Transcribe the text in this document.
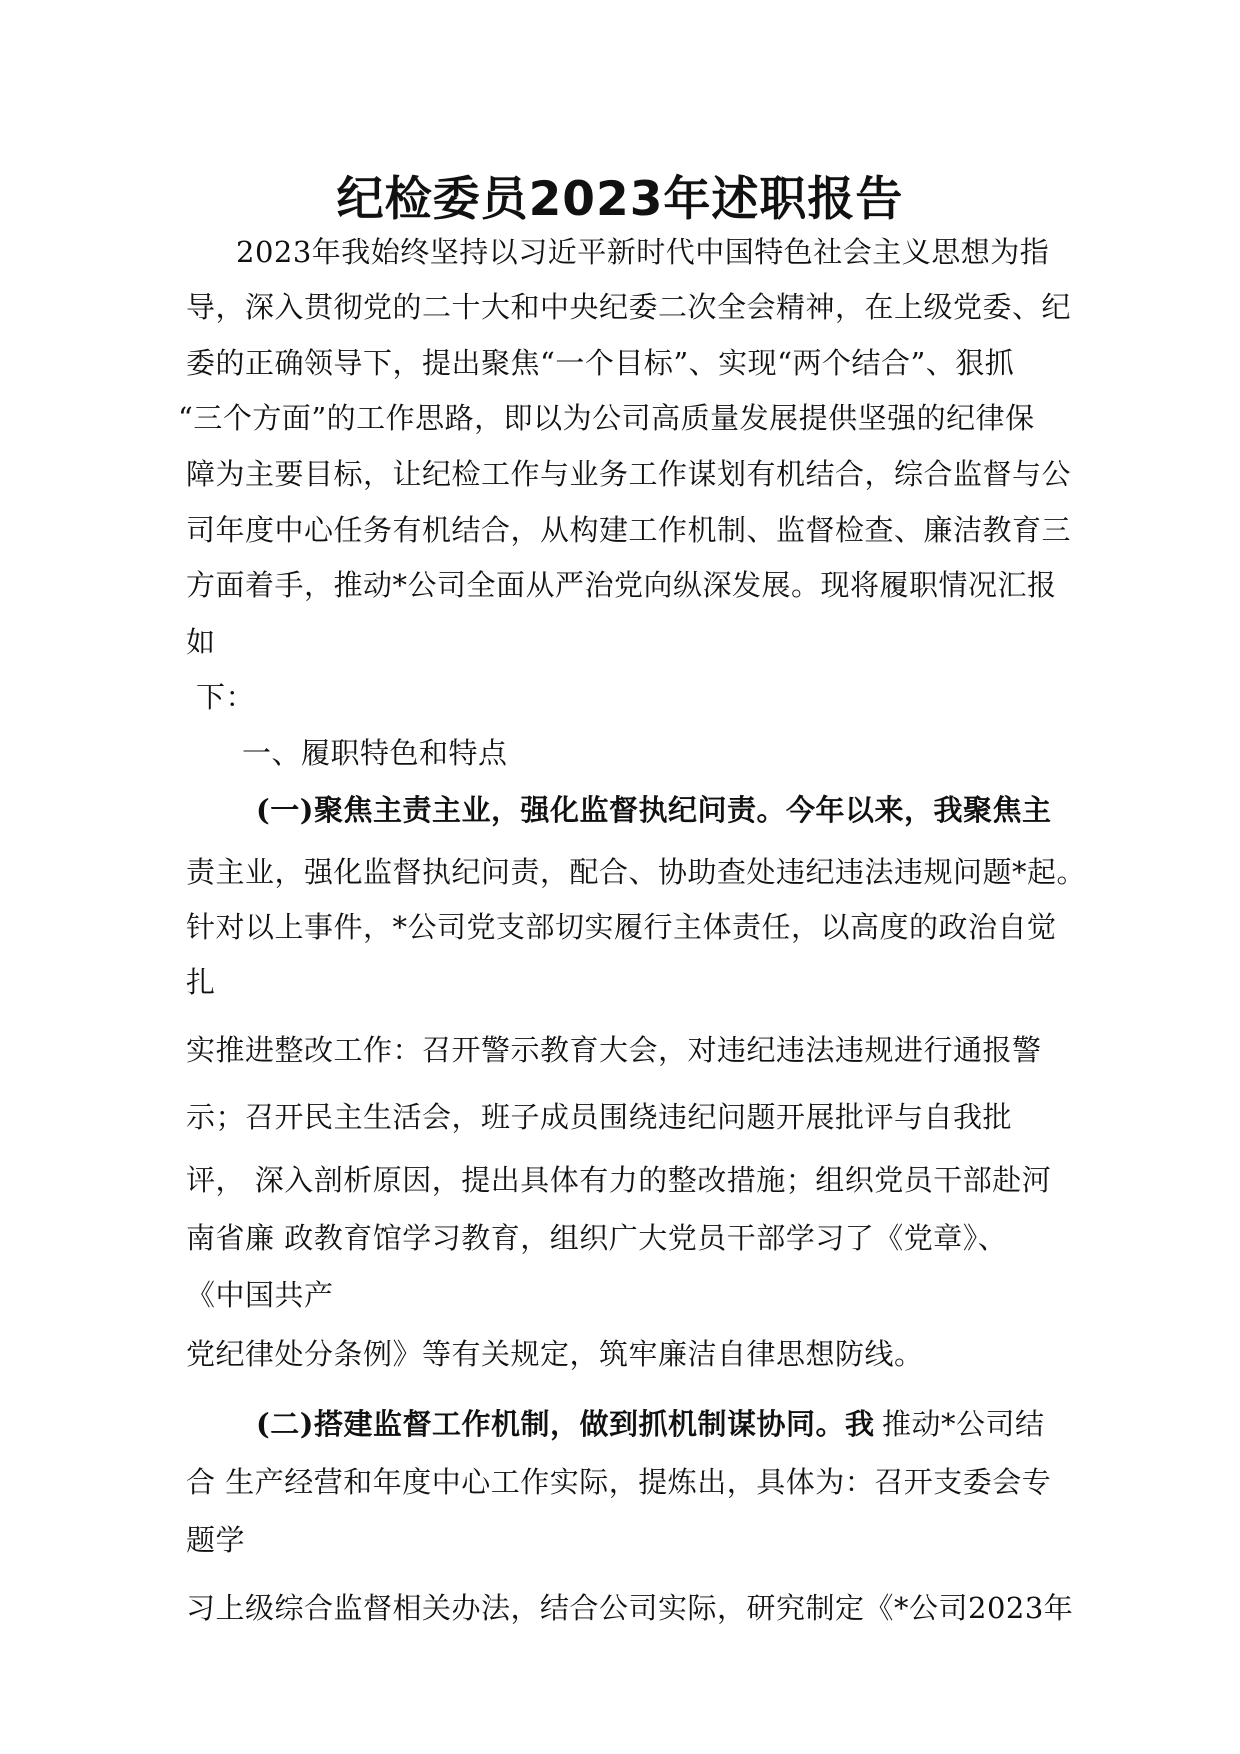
纪检委员2023年述职报告
2023年我始终坚持以习近平新时代中国特色社会主义思想为指
导，深入贯彻党的二十大和中央纪委二次全会精神，在上级党委、纪
委的正确领导下，提出聚焦“一个目标”、实现“两个结合”、狠抓
“三个方面”的工作思路，即以为公司高质量发展提供坚强的纪律保
障为主要目标，让纪检工作与业务工作谋划有机结合，综合监督与公
司年度中心任务有机结合，从构建工作机制、监督检查、廉洁教育三
方面着手，推动*公司全面从严治党向纵深发展。现将履职情况汇报
如
下：
一、履职特色和特点
(一)聚焦主责主业，强化监督执纪问责。今年以来，我聚焦主
责主业，强化监督执纪问责，配合、协助查处违纪违法违规问题*起。
针对以上事件，*公司党支部切实履行主体责任，以高度的政治自觉
扎
实推进整改工作：召开警示教育大会，对违纪违法违规进行通报警
示；召开民主生活会，班子成员围绕违纪问题开展批评与自我批
评， 深入剖析原因，提出具体有力的整改措施；组织党员干部赴河
南省廉 政教育馆学习教育，组织广大党员干部学习了《党章》、
《中国共产
党纪律处分条例》等有关规定，筑牢廉洁自律思想防线。
(二)搭建监督工作机制，做到抓机制谋协同。我 推动*公司结
合 生产经营和年度中心工作实际，提炼出，具体为：召开支委会专
题学
习上级综合监督相关办法，结合公司实际，研究制定《*公司2023年
